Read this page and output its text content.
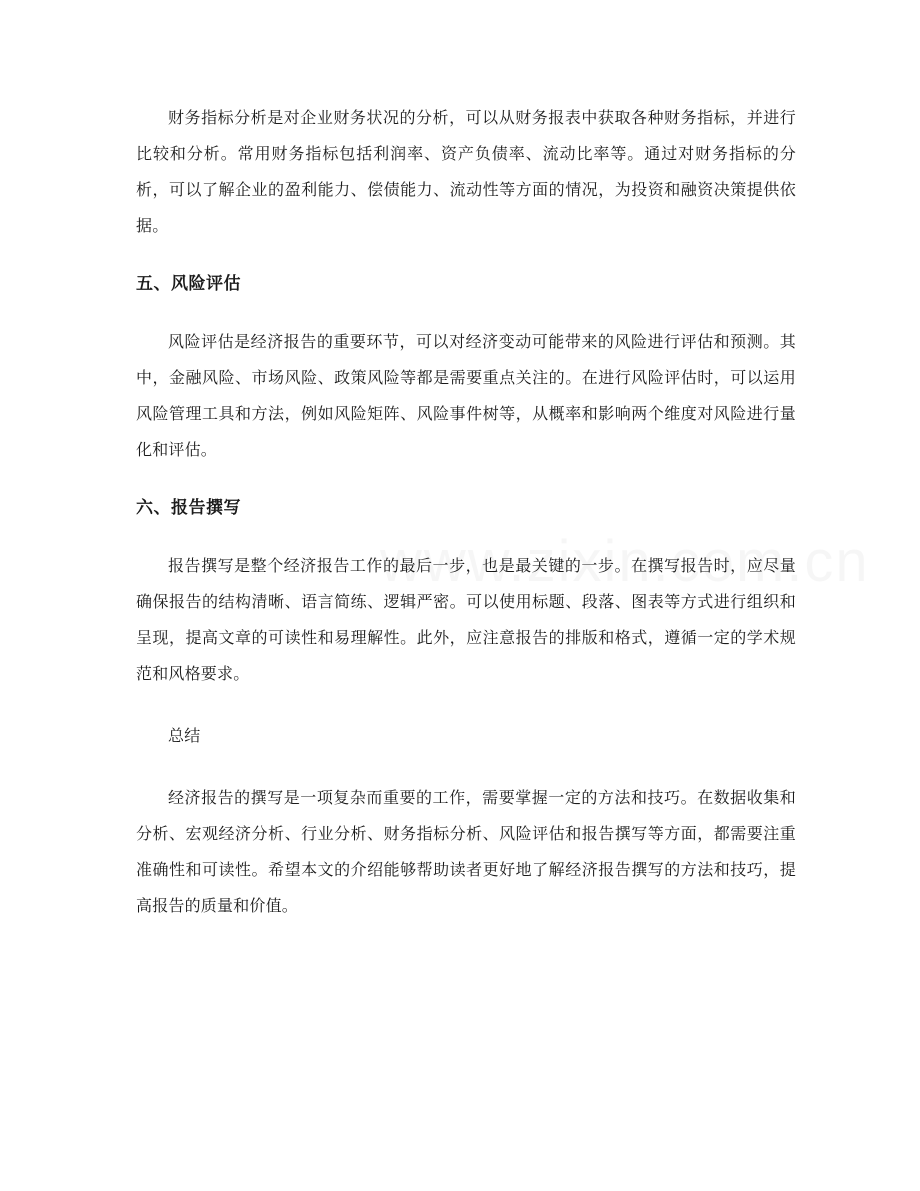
财务指标分析是对企业财务状况的分析，可以从财务报表中获取各种财务指标，并进行比较和分析。常用财务指标包括利润率、资产负债率、流动比率等。通过对财务指标的分析，可以了解企业的盈利能力、偿债能力、流动性等方面的情况，为投资和融资决策提供依据。

五、风险评估

风险评估是经济报告的重要环节，可以对经济变动可能带来的风险进行评估和预测。其中，金融风险、市场风险、政策风险等都是需要重点关注的。在进行风险评估时，可以运用风险管理工具和方法，例如风险矩阵、风险事件树等，从概率和影响两个维度对风险进行量化和评估。

六、报告撰写

报告撰写是整个经济报告工作的最后一步，也是最关键的一步。在撰写报告时，应尽量确保报告的结构清晰、语言简练、逻辑严密。可以使用标题、段落、图表等方式进行组织和呈现，提高文章的可读性和易理解性。此外，应注意报告的排版和格式，遵循一定的学术规范和风格要求。

总结

经济报告的撰写是一项复杂而重要的工作，需要掌握一定的方法和技巧。在数据收集和分析、宏观经济分析、行业分析、财务指标分析、风险评估和报告撰写等方面，都需要注重准确性和可读性。希望本文的介绍能够帮助读者更好地了解经济报告撰写的方法和技巧，提高报告的质量和价值。
